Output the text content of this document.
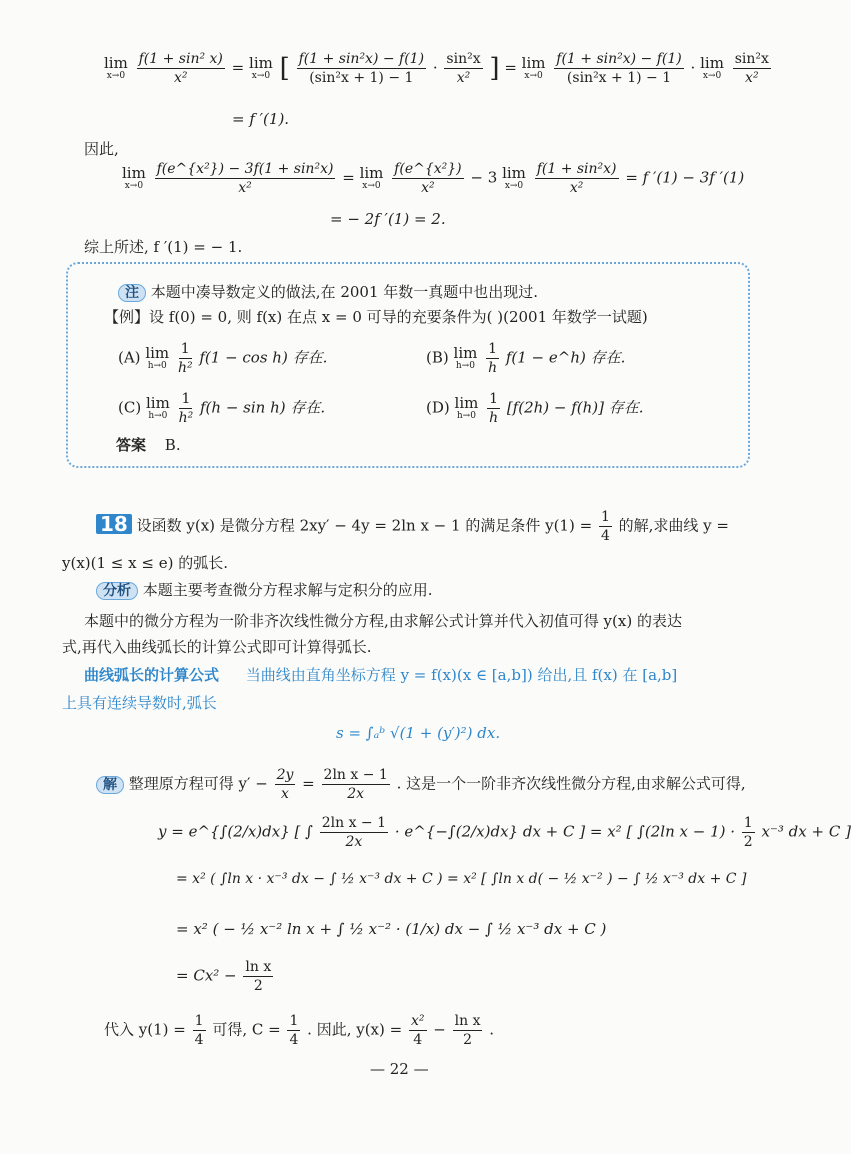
lim
x→0
$\frac{\text{f(1 + sin² x)}}{\text{x²}} = \lim$
x→0 [ $\frac{\text{f(1 + sin²x) − f(1)}}{\text{(sin²x + 1) − 1}} \cdot \frac{\text{sin²x}}{\text{x²}}$ ] = lim
x→0
$\frac{\text{f(1 + sin²x) − f(1)}}{\text{(sin²x + 1) − 1}} \cdot \lim$
x→0
$\frac{\text{sin²x}}{\text{x²}}$
= f ′(1).
因此,
lim
x→0
$\frac{\text{f(e\textasciicircum{}\{x²\}) − 3f(1 + sin²x)}}{\text{x²}} = \lim$
x→0
$\frac{\text{f(e\textasciicircum{}\{x²\})}}{\text{x²}} - 3$ lim
x→0
$\frac{\text{f(1 + sin²x)}}{\text{x²}} = f$ ′(1) − 3f ′(1)
= − 2f ′(1) = 2.
综上所述, f ′(1) = − 1.
注 本题中凑导数定义的做法,在 2001 年数一真题中也出现过.
【例】设 f(0) = 0, 则 f(x) 在点 x = 0 可导的充要条件为( )(2001 年数学一试题)
(A) lim
h→0
$\frac{1}{\text{h²}} f(1 - \cos h)$ 存在.	(B) lim
h→0
$\frac{1}{h} f(1$ − e^h) 存在.
(C) lim
h→0
$\frac{1}{\text{h²}} f(h - \sin h)$ 存在.	(D) lim
h→0
$\frac{1}{h} [f(2h) - f(h)]$ 存在.
答案 B.
18 设函数 y(x) 是微分方程 2xy′ − 4y = 2ln x − 1 的满足条件 $y(1) = \frac{1}{4}$ 的解,求曲线 y =
y(x)(1 ≤ x ≤ e) 的弧长.
分析 本题主要考查微分方程求解与定积分的应用.
本题中的微分方程为一阶非齐次线性微分方程,由求解公式计算并代入初值可得 y(x) 的表达
式,再代入曲线弧长的计算公式即可计算得弧长.
曲线弧长的计算公式 当曲线由直角坐标方程 y = f(x)(x ∈ [a,b]) 给出,且 f(x) 在 [a,b]
上具有连续导数时,弧长
s = ∫ₐᵇ √(1 + (y′)²) dx.
解 整理原方程可得 $y' - \frac{2y}{x} = \frac{\text{2ln x − 1}}{2x}$ . 这是一个一阶非齐次线性微分方程,由求解公式可得,
y = e^{∫(2/x)dx} [ ∫ $\frac{\text{2ln x − 1}}{2x}$ · e^{−∫(2/x)dx} dx + C ] = x² [ ∫(2ln $x - 1) \cdot \frac{1}{2} x^{-3}$ dx + C ]
= x² ( ∫ln x · x⁻³ dx − ∫ ½ x⁻³ dx + C ) = x² [ ∫ln x d( − ½ x⁻² ) − ∫ ½ x⁻³ dx + C ]
= x² ( − ½ x⁻² ln x + ∫ ½ x⁻² · (1/x) dx − ∫ ½ x⁻³ dx + C )
= $Cx^2 - \frac{\text{ln x}}{2}$
代入 $y(1) = \frac{1}{4}$ 可得, $C = \frac{1}{4}$ . 因此, $y(x) = \frac{\text{x²}}{4} - \frac{\text{ln x}}{2}$ .
— 22 —
